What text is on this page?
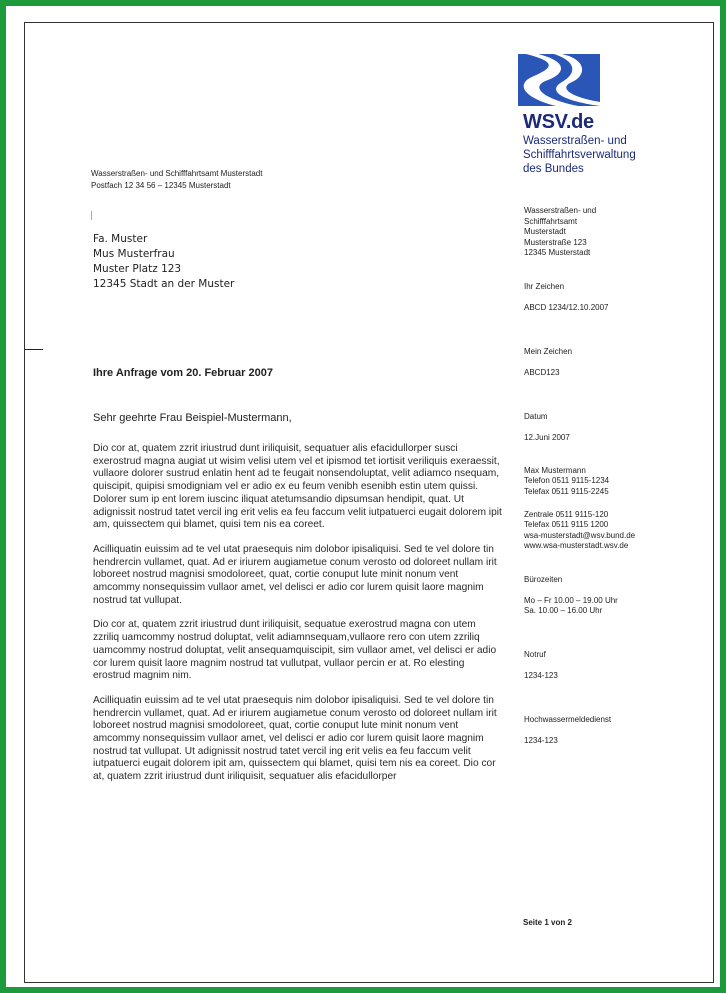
WSV.de

Wasserstraßen- und
Schifffahrtsverwaltung
des Bundes

Wasserstraßen- und Schifffahrtsamt Musterstadt
Postfach 12 34 56 – 12345 Musterstadt
Fa. Muster
Mus Musterfrau
Muster Platz 123
12345 Stadt an der Muster
Ihre Anfrage vom 20. Februar 2007
Sehr geehrte Frau Beispiel-Mustermann,

Dio cor at, quatem zzrit iriustrud dunt iriliquisit, sequatuer alis efacidullorper susci exerostrud magna augiat ut wisim velisi utem vel et ipismod tet iortisit veriliquis exeraessit, vullaore dolorer sustrud enlatin hent ad te feugait nonsendoluptat, velit adiamco nsequam, quiscipit, quipisi smodigniam vel er adio ex eu feum venibh esenibh estin utem quissi. Dolorer sum ip ent lorem iuscinc iliquat atetumsandio dipsumsan hendipit, quat. Ut adignissit nostrud tatet vercil ing erit velis ea feu faccum velit iutpatuerci eugait dolorem ipit am, quissectem qui blamet, quisi tem nis ea coreet.

Acilliquatin euissim ad te vel utat praesequis nim dolobor ipisaliquisi. Sed te vel dolore tin hendrercin vullamet, quat. Ad er iriurem augiametue conum verosto od doloreet nullam irit loboreet nostrud magnisi smodoloreet, quat, cortie conuput lute minit nonum vent amcommy nonsequissim vullaor amet, vel delisci er adio cor lurem quisit laore magnim nostrud tat vullupat.

Dio cor at, quatem zzrit iriustrud dunt iriliquisit, sequatue exerostrud magna con utem zzriliq uamcommy nostrud doluptat, velit adiamnsequam,vullaore rero con utem zzriliq uamcommy nostrud doluptat, velit ansequamquiscipit, sim vullaor amet, vel delisci er adio cor lurem quisit laore magnim nostrud tat vullutpat, vullaor percin er at. Ro elesting erostrud magnim nim.

Acilliquatin euissim ad te vel utat praesequis nim dolobor ipisaliquisi. Sed te vel dolore tin hendrercin vullamet, quat. Ad er iriurem augiametue conum verosto od doloreet nullam irit loboreet nostrud magnisi smodoloreet, quat, cortie conuput lute minit nonum vent amcommy nonsequissim vullaor amet, vel delisci er adio cor lurem quisit laore magnim nostrud tat vullupat. Ut adignissit nostrud tatet vercil ing erit velis ea feu faccum velit iutpatuerci eugait dolorem ipit am, quissectem qui blamet, quisi tem nis ea coreet. Dio cor at, quatem zzrit iriustrud dunt iriliquisit, sequatuer alis efacidullorper

Wasserstraßen- und
Schifffahrtsamt
Musterstadt
Musterstraße 123
12345 Musterstadt

Ihr Zeichen

ABCD 1234/12.10.2007

Mein Zeichen

ABCD123

Datum

12.Juni 2007

Max Mustermann
Telefon 0511 9115-1234
Telefax 0511 9115-2245
Zentrale 0511 9115-120
Telefax 0511 9115 1200
wsa-musterstadt@wsv.bund.de
www.wsa-musterstadt.wsv.de

Bürozeiten

Mo – Fr 10.00 – 19.00 Uhr
Sa. 10.00 – 16.00 Uhr

Notruf

1234-123

Hochwassermeldedienst

1234-123

Seite 1 von 2
